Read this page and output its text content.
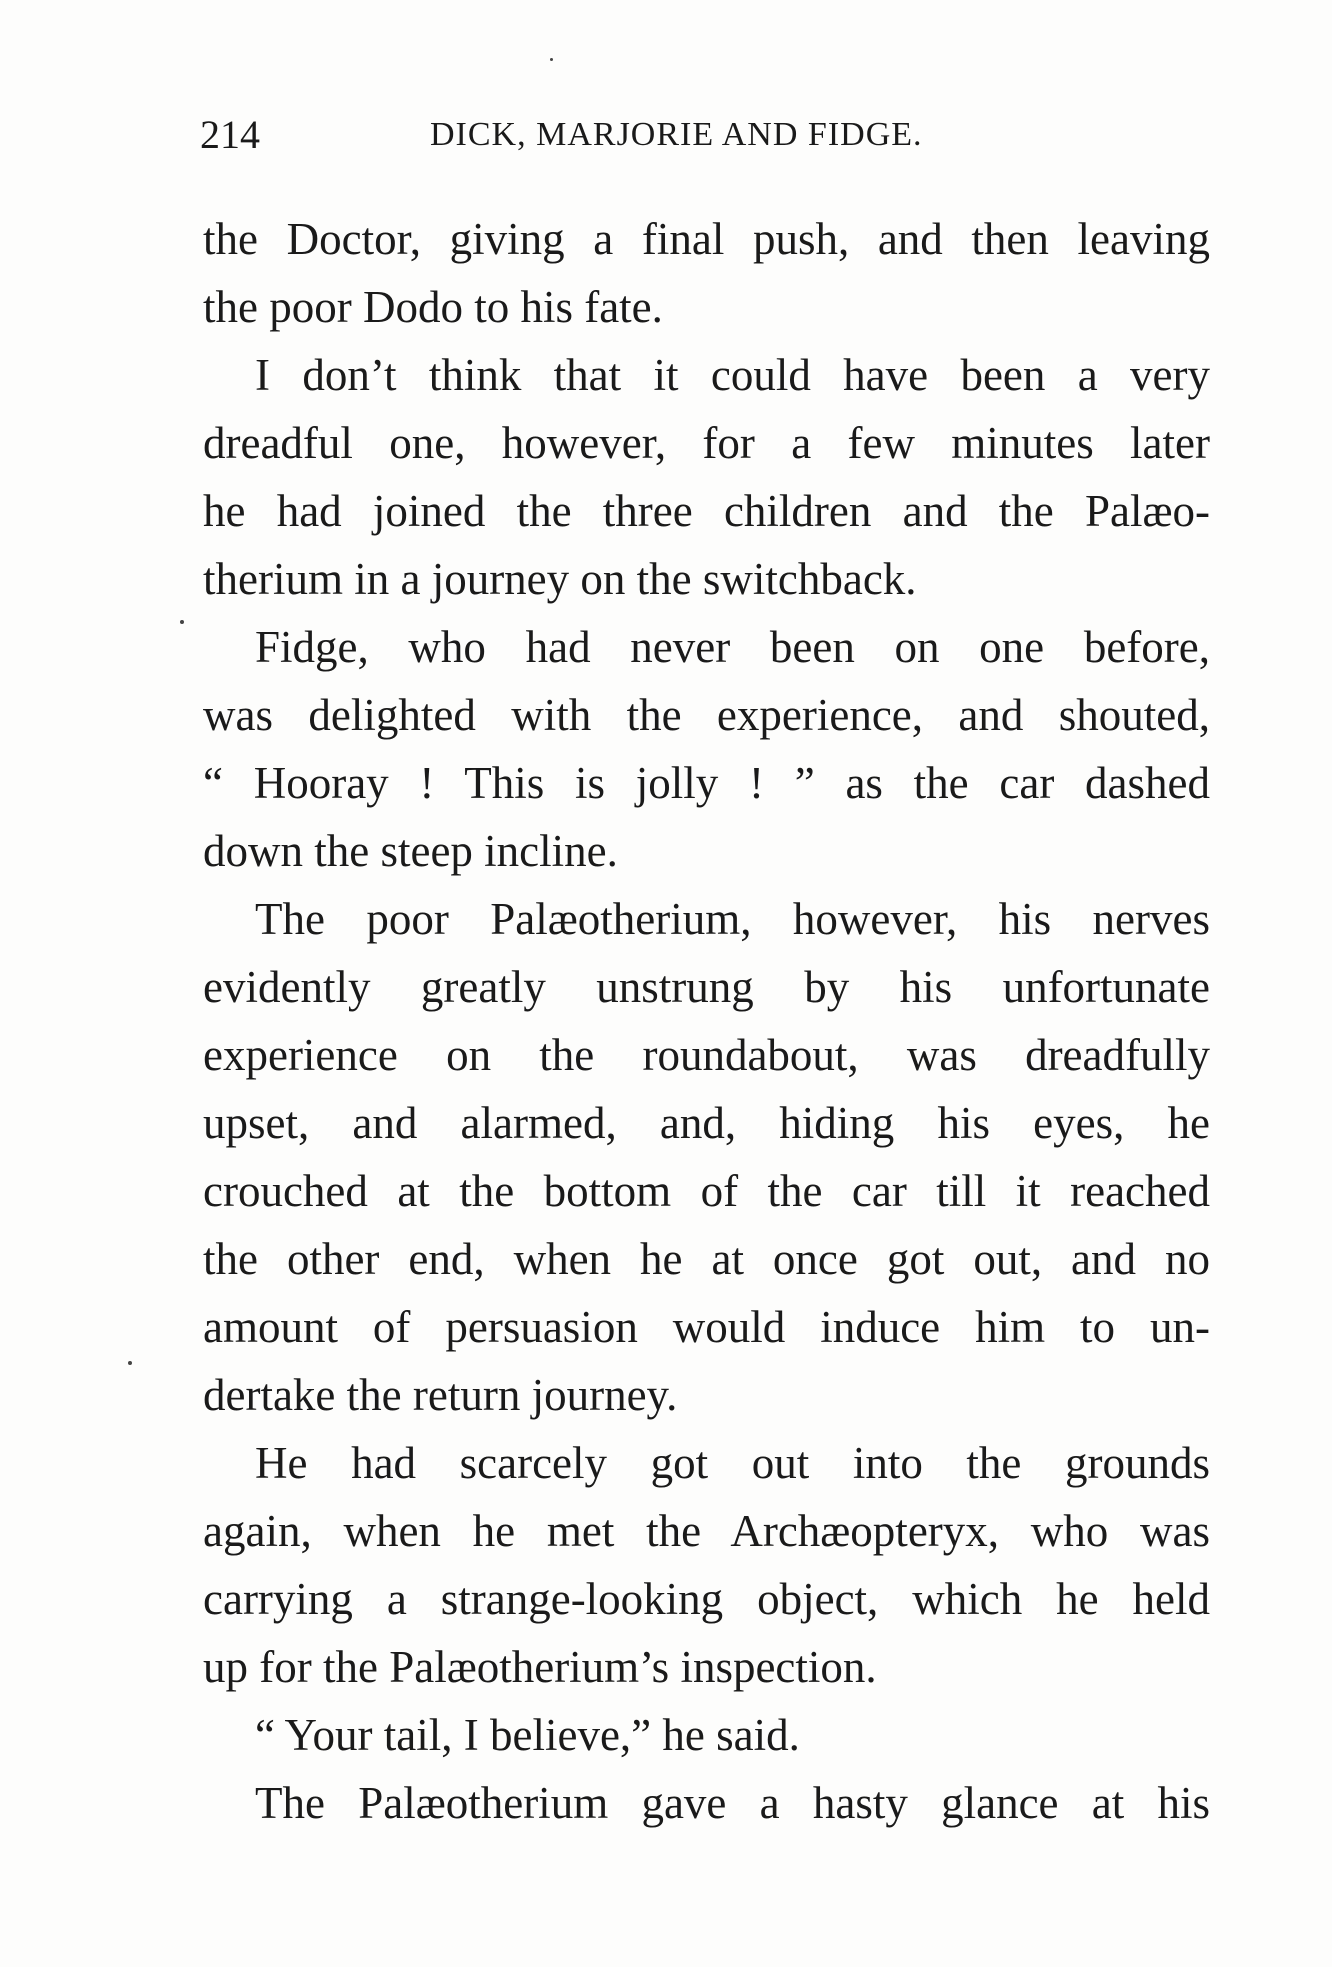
214	DICK, MARJORIE AND FIDGE.
the Doctor, giving a final push, and then leaving
the poor Dodo to his fate.
I don’t think that it could have been a very
dreadful one, however, for a few minutes later
he had joined the three children and the Palæo-
therium in a journey on the switchback.
Fidge, who had never been on one before,
was delighted with the experience, and shouted,
“ Hooray ! This is jolly ! ” as the car dashed
down the steep incline.
The poor Palæotherium, however, his nerves
evidently greatly unstrung by his unfortunate
experience on the roundabout, was dreadfully
upset, and alarmed, and, hiding his eyes, he
crouched at the bottom of the car till it reached
the other end, when he at once got out, and no
amount of persuasion would induce him to un-
dertake the return journey.
He had scarcely got out into the grounds
again, when he met the Archæopteryx, who was
carrying a strange-looking object, which he held
up for the Palæotherium’s inspection.
“ Your tail, I believe,” he said.
The Palæotherium gave a hasty glance at his
